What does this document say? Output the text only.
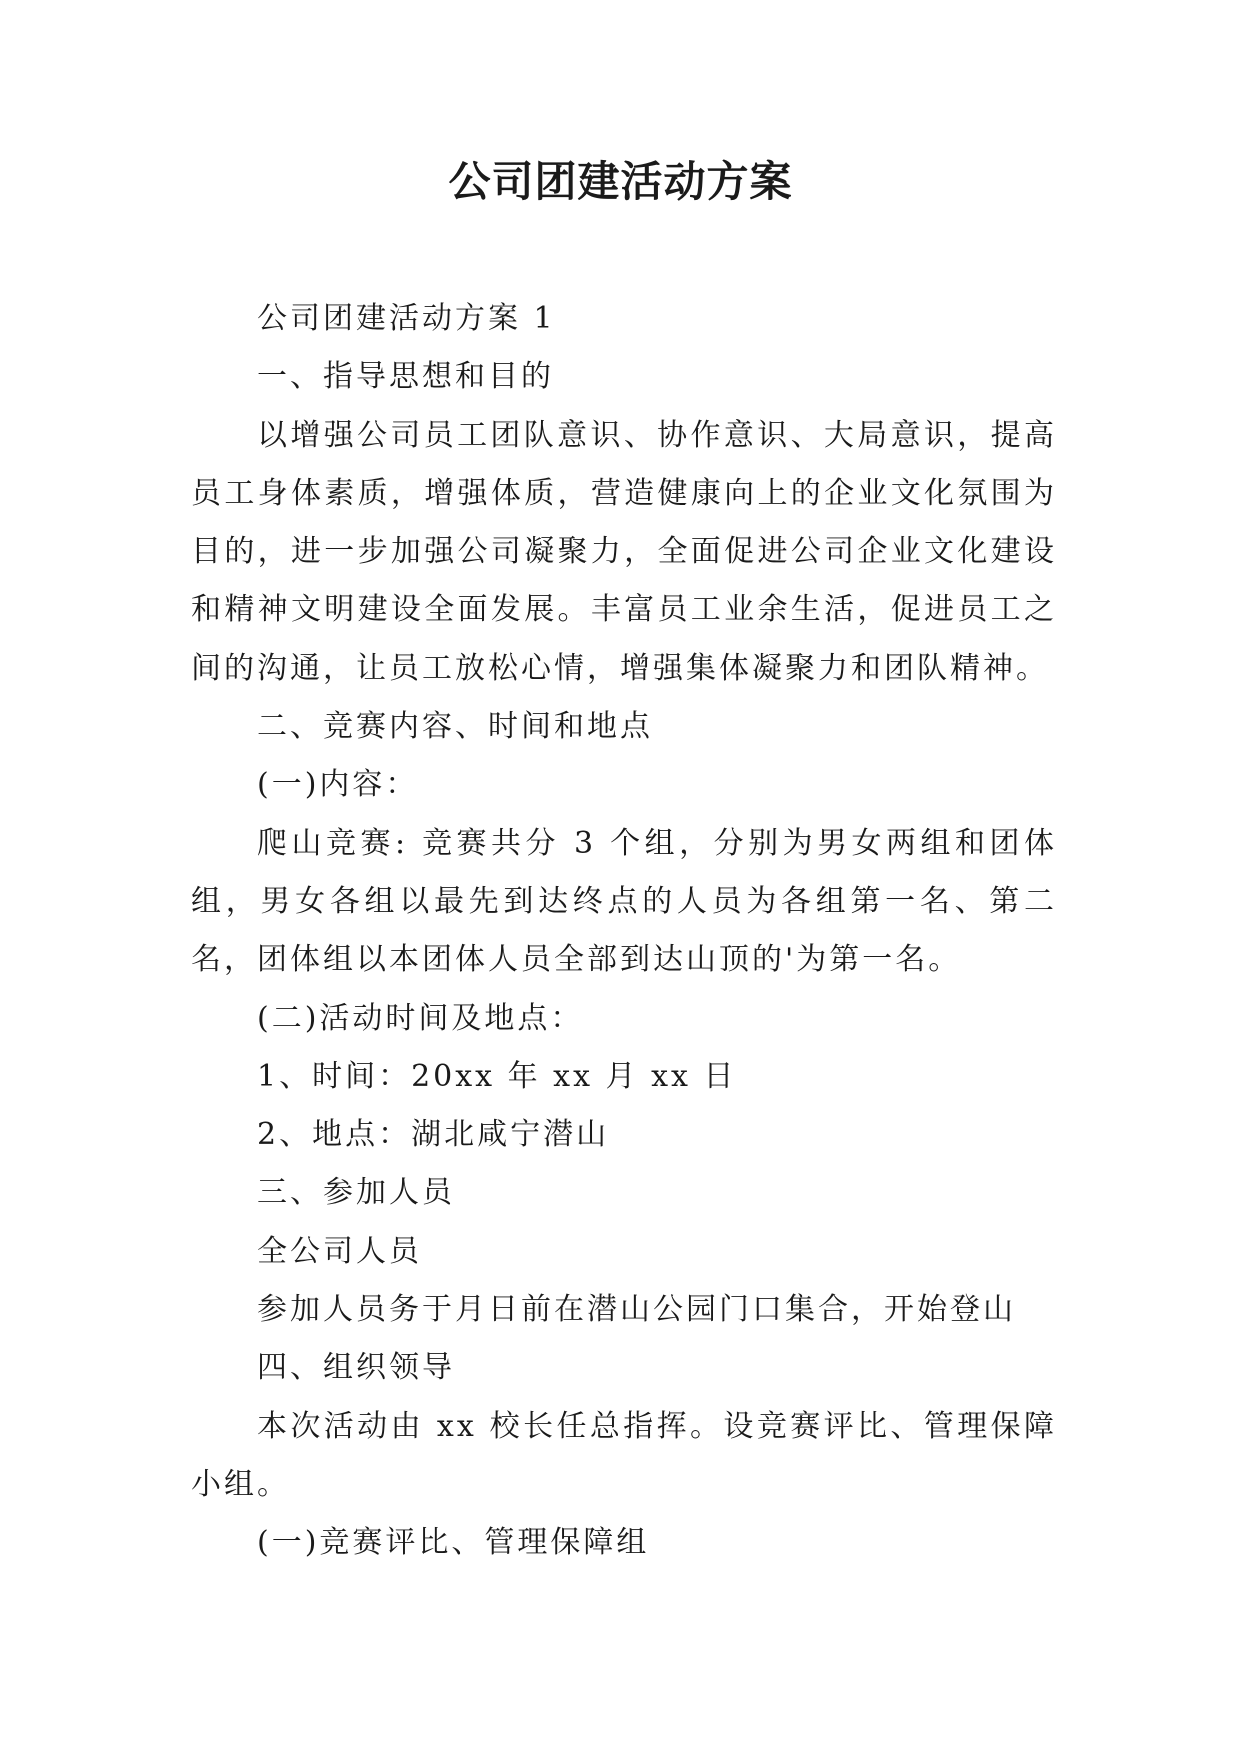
公司团建活动方案

公司团建活动方案 1

一、指导思想和目的

以增强公司员工团队意识、协作意识、大局意识，提高员工身体素质，增强体质，营造健康向上的企业文化氛围为目的，进一步加强公司凝聚力，全面促进公司企业文化建设和精神文明建设全面发展。丰富员工业余生活，促进员工之间的沟通，让员工放松心情，增强集体凝聚力和团队精神。

二、竞赛内容、时间和地点

(一)内容：

爬山竞赛: 竞赛共分 3 个组，分别为男女两组和团体组，男女各组以最先到达终点的人员为各组第一名、第二名，团体组以本团体人员全部到达山顶的'为第一名。

(二)活动时间及地点：

1、时间：20xx 年 xx 月 xx 日

2、地点：湖北咸宁潜山

三、参加人员

全公司人员

参加人员务于月日前在潜山公园门口集合，开始登山

四、组织领导

本次活动由 xx 校长任总指挥。设竞赛评比、管理保障小组。

(一)竞赛评比、管理保障组
